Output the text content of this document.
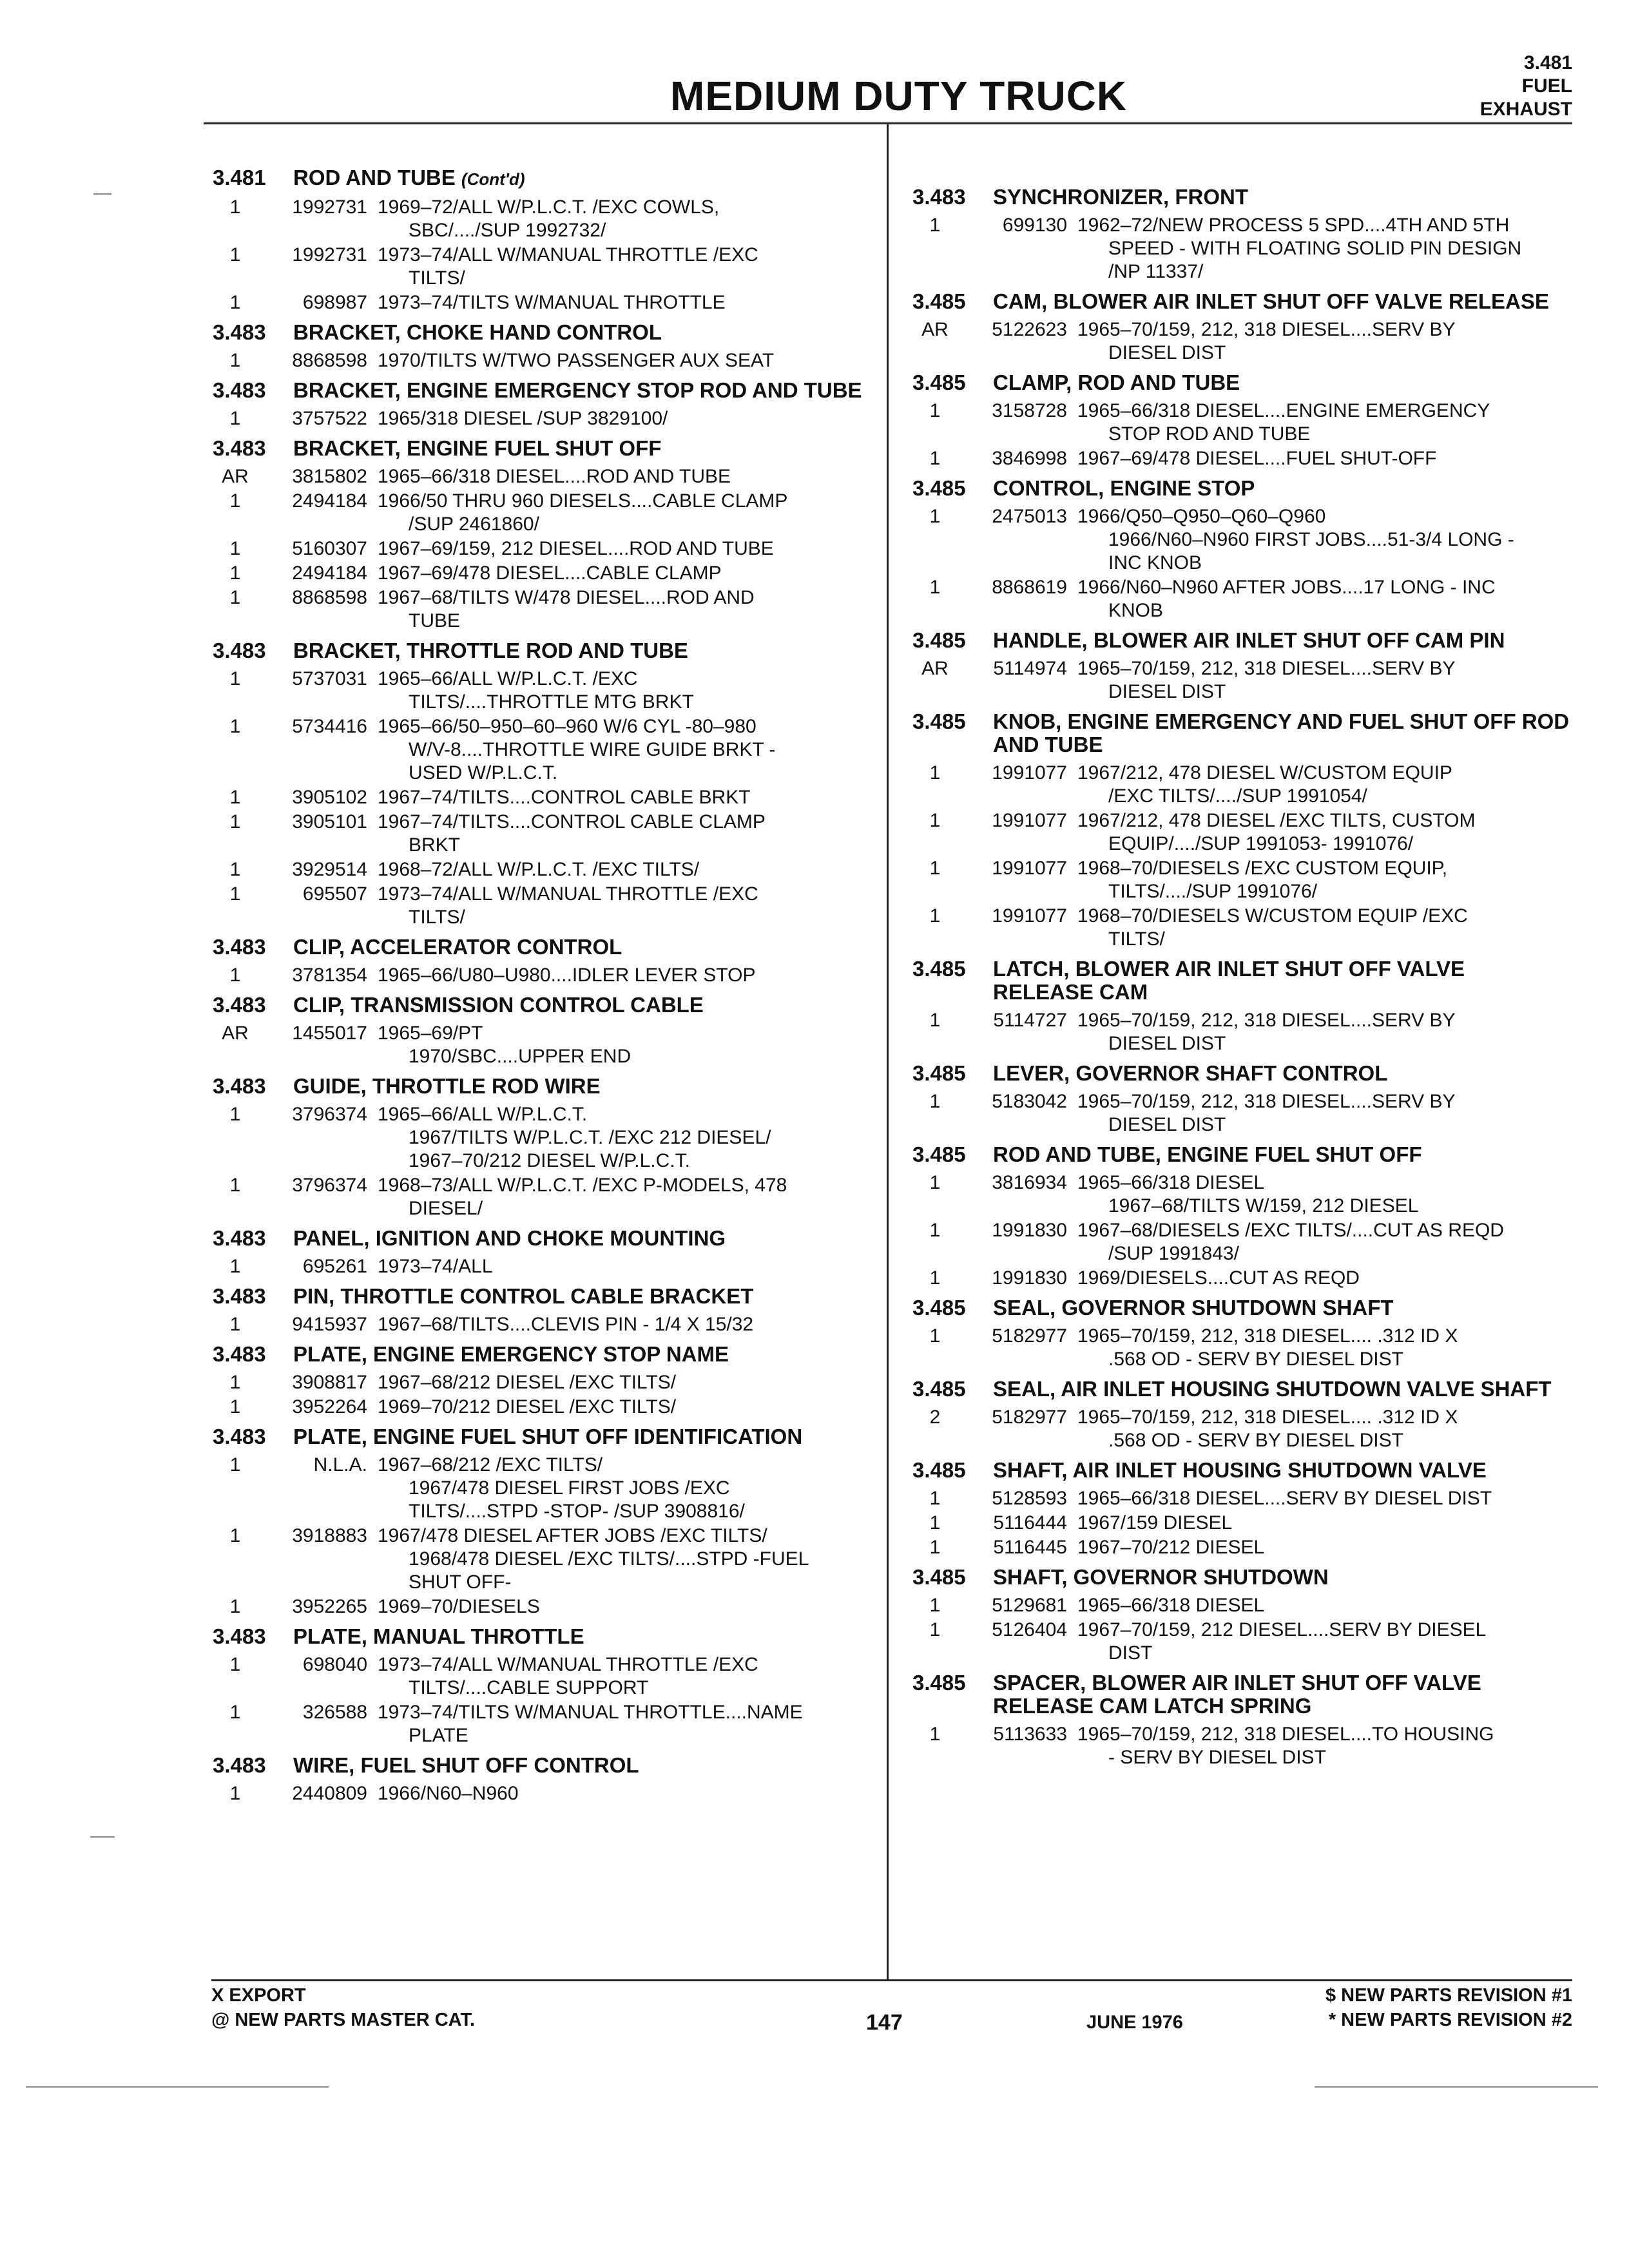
MEDIUM DUTY TRUCK
3.481
FUEL
EXHAUST
3.481	ROD AND TUBE (Cont'd)
1	1992731 1969–72/ALL W/P.L.C.T. /EXC COWLS,
SBC/..../SUP 1992732/
1	1992731 1973–74/ALL W/MANUAL THROTTLE /EXC
TILTS/
1	698987 1973–74/TILTS W/MANUAL THROTTLE
3.483	BRACKET, CHOKE HAND CONTROL
1	8868598 1970/TILTS W/TWO PASSENGER AUX SEAT
3.483	BRACKET, ENGINE EMERGENCY STOP ROD AND TUBE
1	3757522 1965/318 DIESEL /SUP 3829100/
3.483	BRACKET, ENGINE FUEL SHUT OFF
AR	3815802 1965–66/318 DIESEL....ROD AND TUBE
1	2494184 1966/50 THRU 960 DIESELS....CABLE CLAMP
/SUP 2461860/
1	5160307 1967–69/159, 212 DIESEL....ROD AND TUBE
1	2494184 1967–69/478 DIESEL....CABLE CLAMP
1	8868598 1967–68/TILTS W/478 DIESEL....ROD AND
TUBE
3.483	BRACKET, THROTTLE ROD AND TUBE
1	5737031 1965–66/ALL W/P.L.C.T. /EXC
TILTS/....THROTTLE MTG BRKT
1	5734416 1965–66/50–950–60–960 W/6 CYL -80–980
W/V-8....THROTTLE WIRE GUIDE BRKT -
USED W/P.L.C.T.
1	3905102 1967–74/TILTS....CONTROL CABLE BRKT
1	3905101 1967–74/TILTS....CONTROL CABLE CLAMP
BRKT
1	3929514 1968–72/ALL W/P.L.C.T. /EXC TILTS/
1	695507 1973–74/ALL W/MANUAL THROTTLE /EXC
TILTS/
3.483	CLIP, ACCELERATOR CONTROL
1	3781354 1965–66/U80–U980....IDLER LEVER STOP
3.483	CLIP, TRANSMISSION CONTROL CABLE
AR	1455017 1965–69/PT
1970/SBC....UPPER END
3.483	GUIDE, THROTTLE ROD WIRE
1	3796374 1965–66/ALL W/P.L.C.T.
1967/TILTS W/P.L.C.T. /EXC 212 DIESEL/
1967–70/212 DIESEL W/P.L.C.T.
1	3796374 1968–73/ALL W/P.L.C.T. /EXC P-MODELS, 478
DIESEL/
3.483	PANEL, IGNITION AND CHOKE MOUNTING
1	695261 1973–74/ALL
3.483	PIN, THROTTLE CONTROL CABLE BRACKET
1	9415937 1967–68/TILTS....CLEVIS PIN - 1/4 X 15/32
3.483	PLATE, ENGINE EMERGENCY STOP NAME
1	3908817 1967–68/212 DIESEL /EXC TILTS/
1	3952264 1969–70/212 DIESEL /EXC TILTS/
3.483	PLATE, ENGINE FUEL SHUT OFF IDENTIFICATION
1	N.L.A. 1967–68/212 /EXC TILTS/
1967/478 DIESEL FIRST JOBS /EXC
TILTS/....STPD -STOP- /SUP 3908816/
1	3918883 1967/478 DIESEL AFTER JOBS /EXC TILTS/
1968/478 DIESEL /EXC TILTS/....STPD -FUEL
SHUT OFF-
1	3952265 1969–70/DIESELS
3.483	PLATE, MANUAL THROTTLE
1	698040 1973–74/ALL W/MANUAL THROTTLE /EXC
TILTS/....CABLE SUPPORT
1	326588 1973–74/TILTS W/MANUAL THROTTLE....NAME
PLATE
3.483	WIRE, FUEL SHUT OFF CONTROL
1	2440809 1966/N60–N960
3.483	SYNCHRONIZER, FRONT
1	699130 1962–72/NEW PROCESS 5 SPD....4TH AND 5TH
SPEED - WITH FLOATING SOLID PIN DESIGN
/NP 11337/
3.485	CAM, BLOWER AIR INLET SHUT OFF VALVE RELEASE
AR	5122623 1965–70/159, 212, 318 DIESEL....SERV BY
DIESEL DIST
3.485	CLAMP, ROD AND TUBE
1	3158728 1965–66/318 DIESEL....ENGINE EMERGENCY
STOP ROD AND TUBE
1	3846998 1967–69/478 DIESEL....FUEL SHUT-OFF
3.485	CONTROL, ENGINE STOP
1	2475013 1966/Q50–Q950–Q60–Q960
1966/N60–N960 FIRST JOBS....51-3/4 LONG -
INC KNOB
1	8868619 1966/N60–N960 AFTER JOBS....17 LONG - INC
KNOB
3.485	HANDLE, BLOWER AIR INLET SHUT OFF CAM PIN
AR	5114974 1965–70/159, 212, 318 DIESEL....SERV BY
DIESEL DIST
3.485	KNOB, ENGINE EMERGENCY AND FUEL SHUT OFF ROD AND TUBE
1	1991077 1967/212, 478 DIESEL W/CUSTOM EQUIP
/EXC TILTS/..../SUP 1991054/
1	1991077 1967/212, 478 DIESEL /EXC TILTS, CUSTOM
EQUIP/..../SUP 1991053- 1991076/
1	1991077 1968–70/DIESELS /EXC CUSTOM EQUIP,
TILTS/..../SUP 1991076/
1	1991077 1968–70/DIESELS W/CUSTOM EQUIP /EXC
TILTS/
3.485	LATCH, BLOWER AIR INLET SHUT OFF VALVE RELEASE CAM
1	5114727 1965–70/159, 212, 318 DIESEL....SERV BY
DIESEL DIST
3.485	LEVER, GOVERNOR SHAFT CONTROL
1	5183042 1965–70/159, 212, 318 DIESEL....SERV BY
DIESEL DIST
3.485	ROD AND TUBE, ENGINE FUEL SHUT OFF
1	3816934 1965–66/318 DIESEL
1967–68/TILTS W/159, 212 DIESEL
1	1991830 1967–68/DIESELS /EXC TILTS/....CUT AS REQD
/SUP 1991843/
1	1991830 1969/DIESELS....CUT AS REQD
3.485	SEAL, GOVERNOR SHUTDOWN SHAFT
1	5182977 1965–70/159, 212, 318 DIESEL.... .312 ID X
.568 OD - SERV BY DIESEL DIST
3.485	SEAL, AIR INLET HOUSING SHUTDOWN VALVE SHAFT
2	5182977 1965–70/159, 212, 318 DIESEL.... .312 ID X
.568 OD - SERV BY DIESEL DIST
3.485	SHAFT, AIR INLET HOUSING SHUTDOWN VALVE
1	5128593 1965–66/318 DIESEL....SERV BY DIESEL DIST
1	5116444 1967/159 DIESEL
1	5116445 1967–70/212 DIESEL
3.485	SHAFT, GOVERNOR SHUTDOWN
1	5129681 1965–66/318 DIESEL
1	5126404 1967–70/159, 212 DIESEL....SERV BY DIESEL
DIST
3.485	SPACER, BLOWER AIR INLET SHUT OFF VALVE RELEASE CAM LATCH SPRING
1	5113633 1965–70/159, 212, 318 DIESEL....TO HOUSING
- SERV BY DIESEL DIST
X EXPORT
@ NEW PARTS MASTER CAT.	147	JUNE 1976
$ NEW PARTS REVISION #1
* NEW PARTS REVISION #2
